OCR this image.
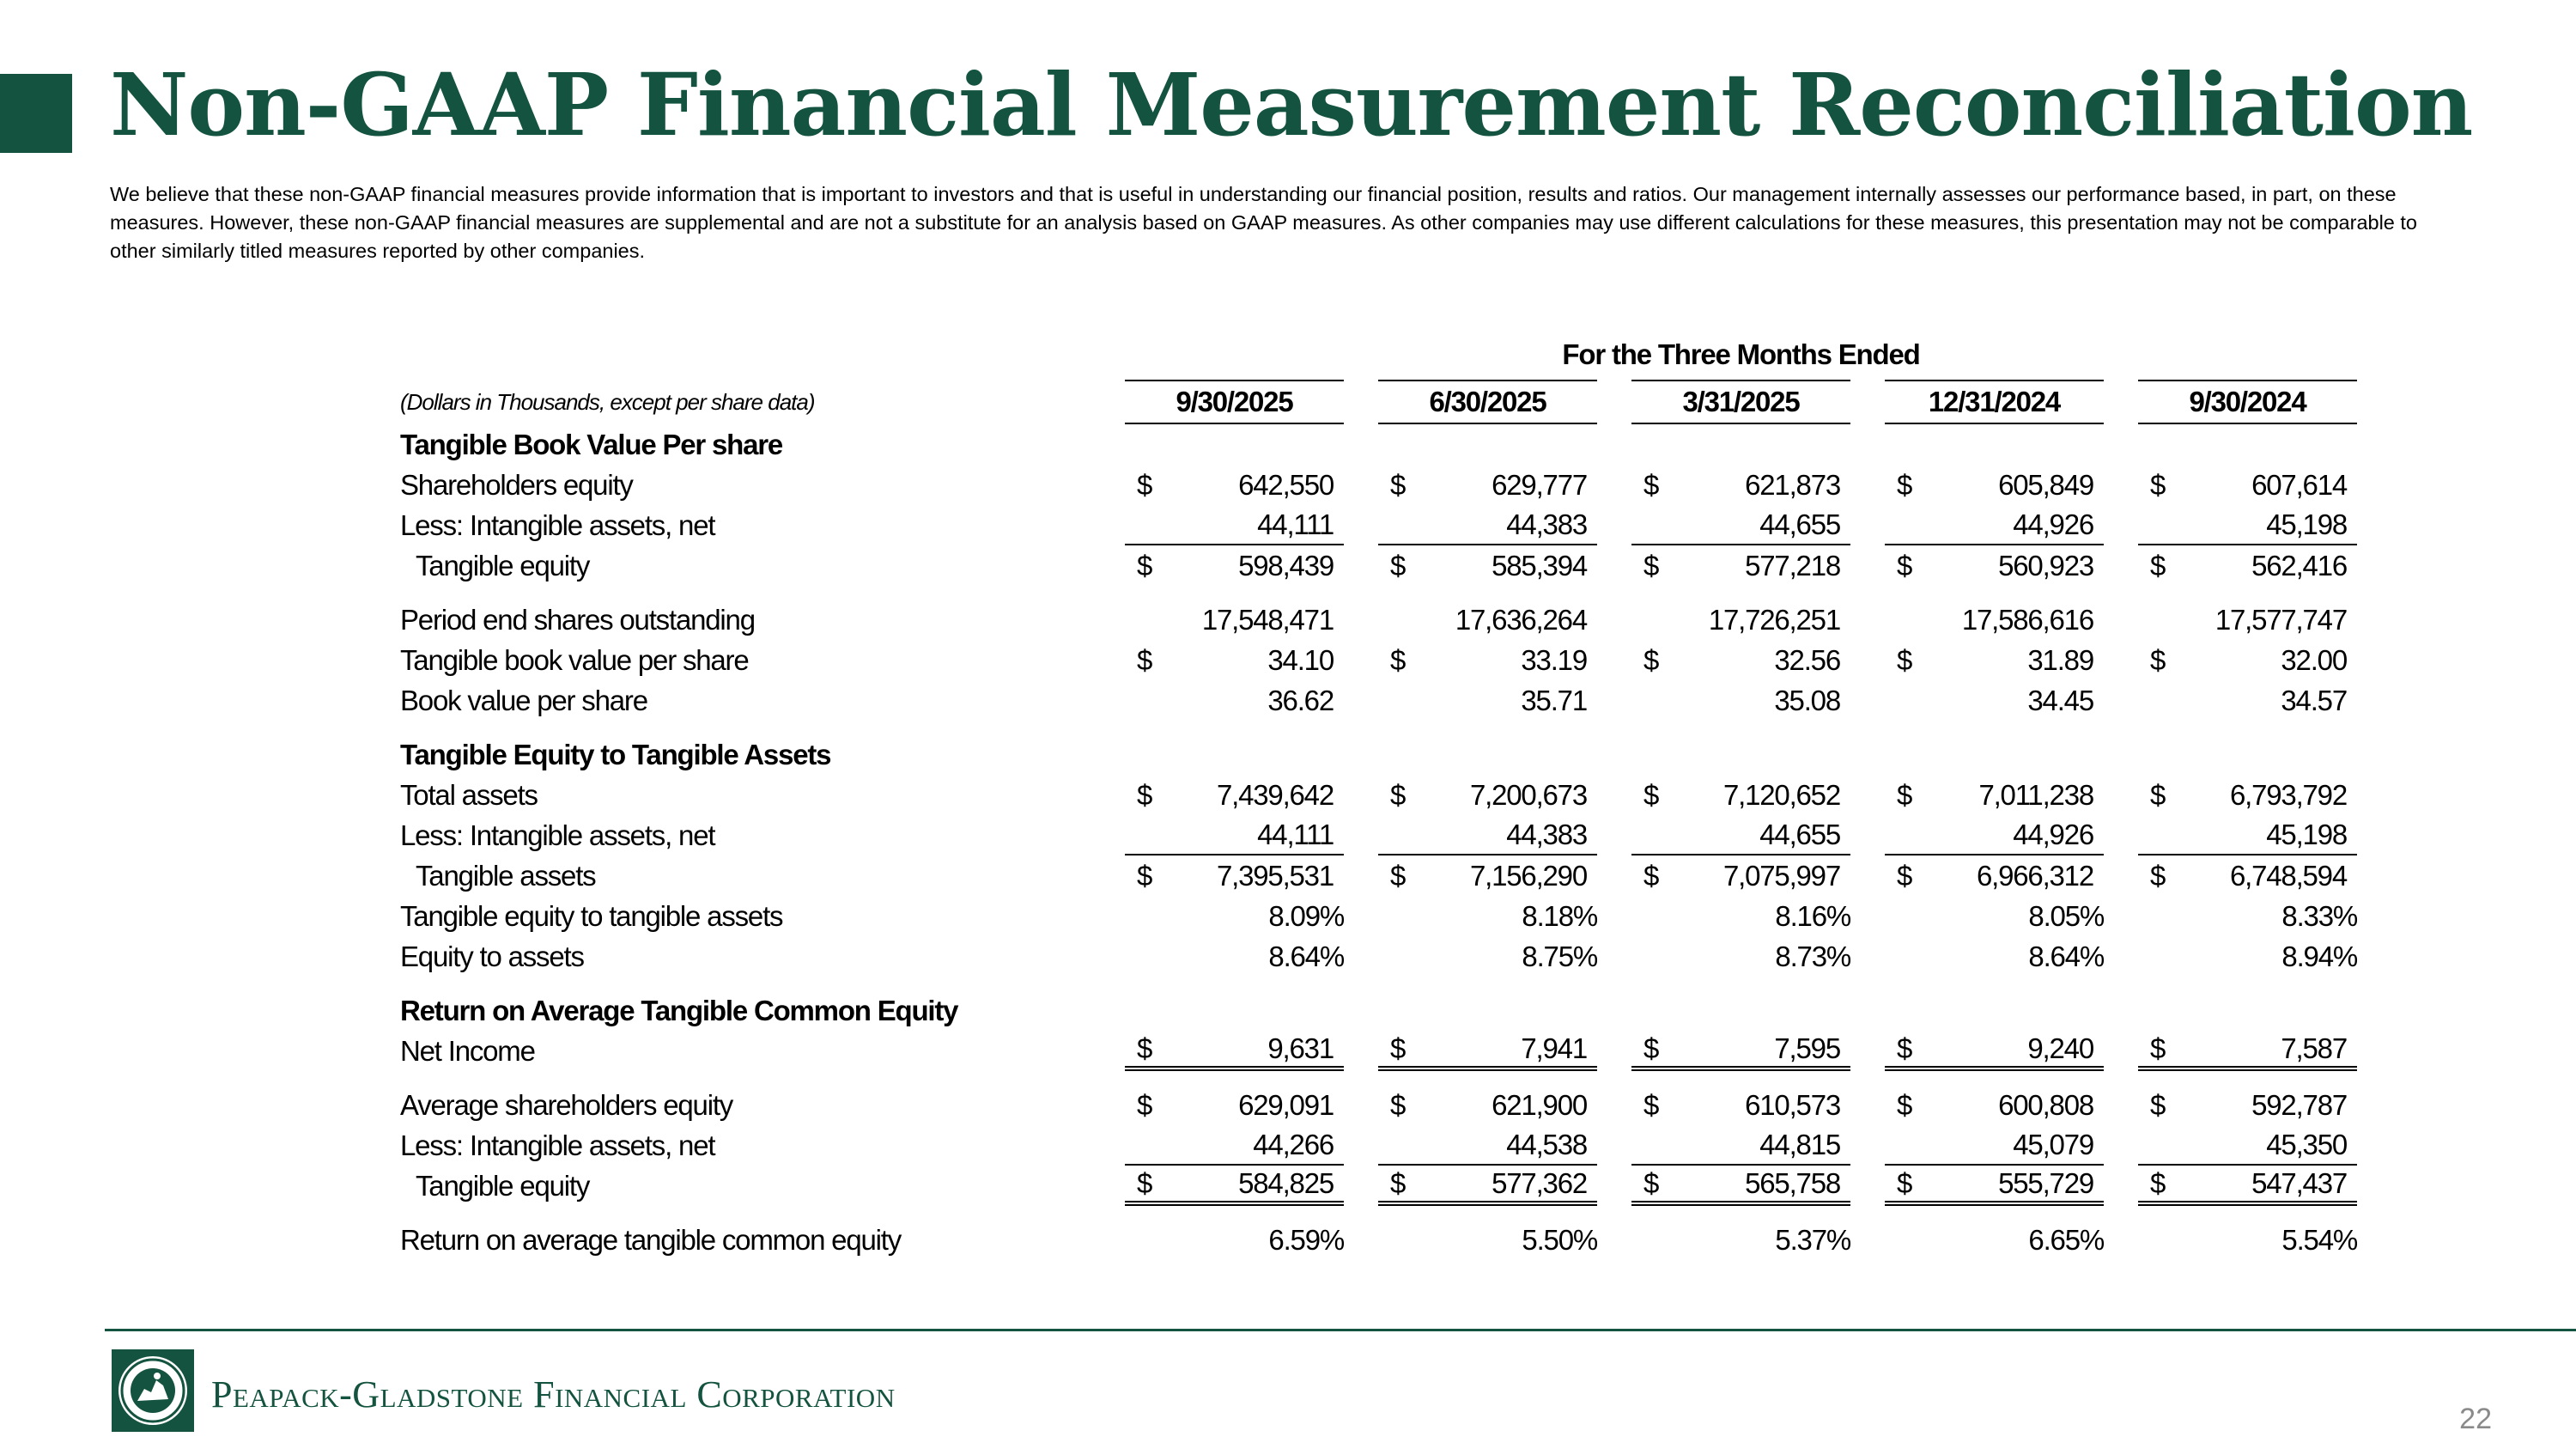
Non-GAAP Financial Measurement Reconciliation

We believe that these non-GAAP financial measures provide information that is important to investors and that is useful in understanding our financial position, results and ratios. Our management internally assesses our performance based, in part, on these measures. However, these non-GAAP financial measures are supplemental and are not a substitute for an analysis based on GAAP measures. As other companies may use different calculations for these measures, this presentation may not be comparable to other similarly titled measures reported by other companies.

	For the Three Months Ended													
(Dollars in Thousands, except per share data)	9/30/2025			6/30/2025			3/31/2025			12/31/2024			9/30/2024	
Tangible Book Value Per share														
Shareholders equity	$	642,550		$	629,777		$	621,873		$	605,849		$	607,614
Less: Intangible assets, net		44,111			44,383			44,655			44,926			45,198
Tangible equity	$	598,439		$	585,394		$	577,218		$	560,923		$	562,416

Period end shares outstanding		17,548,471			17,636,264			17,726,251			17,586,616			17,577,747
Tangible book value per share	$	34.10		$	33.19		$	32.56		$	31.89		$	32.00
Book value per share		36.62			35.71			35.08			34.45			34.57

Tangible Equity to Tangible Assets														
Total assets	$	7,439,642		$	7,200,673		$	7,120,652		$	7,011,238		$	6,793,792
Less: Intangible assets, net		44,111			44,383			44,655			44,926			45,198
Tangible assets	$	7,395,531		$	7,156,290		$	7,075,997		$	6,966,312		$	6,748,594
Tangible equity to tangible assets		8.09%			8.18%			8.16%			8.05%			8.33%
Equity to assets		8.64%			8.75%			8.73%			8.64%			8.94%

Return on Average Tangible Common Equity														
Net Income	$	9,631		$	7,941		$	7,595		$	9,240		$	7,587

Average shareholders equity	$	629,091		$	621,900		$	610,573		$	600,808		$	592,787
Less: Intangible assets, net		44,266			44,538			44,815			45,079			45,350
Tangible equity	$	584,825		$	577,362		$	565,758		$	555,729		$	547,437

Return on average tangible common equity		6.59%			5.50%			5.37%			6.65%			5.54%
Peapack-Gladstone Financial Corporation
22
